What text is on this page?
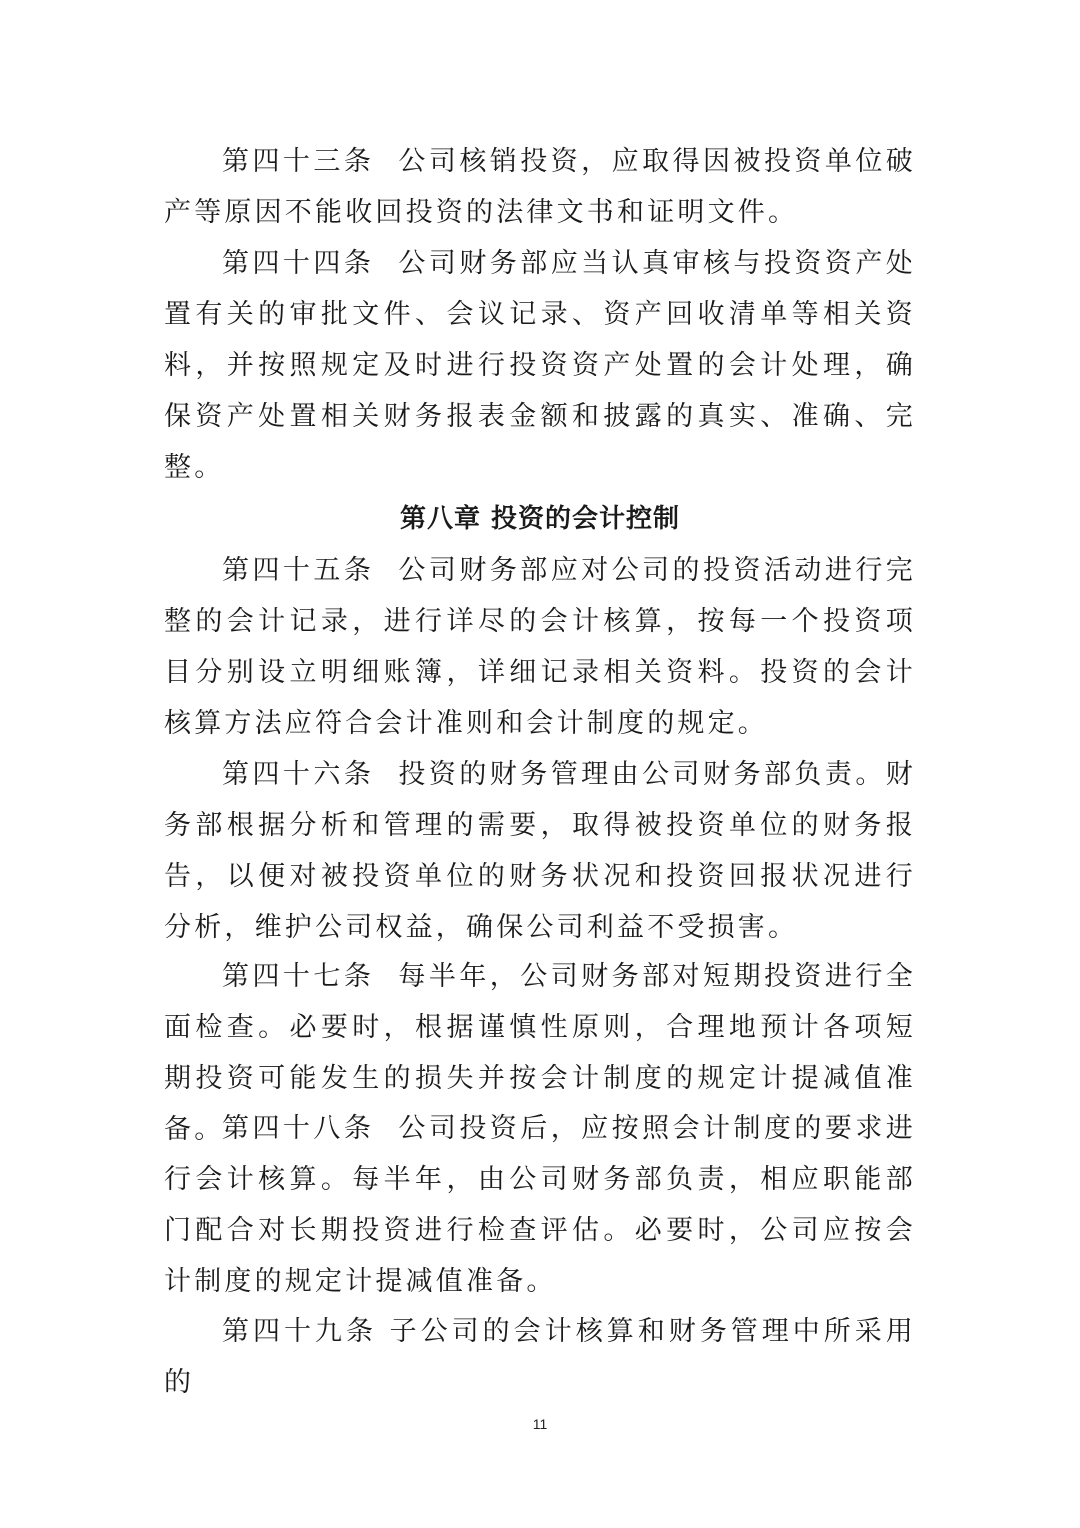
第四十三条 公司核销投资，应取得因被投资单位破产等原因不能收回投资的法律文书和证明文件。
第四十四条 公司财务部应当认真审核与投资资产处置有关的审批文件、会议记录、资产回收清单等相关资料，并按照规定及时进行投资资产处置的会计处理，确保资产处置相关财务报表金额和披露的真实、准确、完整。
第八章 投资的会计控制
第四十五条 公司财务部应对公司的投资活动进行完整的会计记录，进行详尽的会计核算，按每一个投资项目分别设立明细账簿，详细记录相关资料。投资的会计核算方法应符合会计准则和会计制度的规定。
第四十六条 投资的财务管理由公司财务部负责。财务部根据分析和管理的需要，取得被投资单位的财务报告，以便对被投资单位的财务状况和投资回报状况进行分析，维护公司权益，确保公司利益不受损害。
第四十七条 每半年，公司财务部对短期投资进行全面检查。必要时，根据谨慎性原则，合理地预计各项短期投资可能发生的损失并按会计制度的规定计提减值准备。
第四十八条 公司投资后，应按照会计制度的要求进行会计核算。每半年，由公司财务部负责，相应职能部门配合对长期投资进行检查评估。必要时，公司应按会计制度的规定计提减值准备。
第四十九条 子公司的会计核算和财务管理中所采用的
11
